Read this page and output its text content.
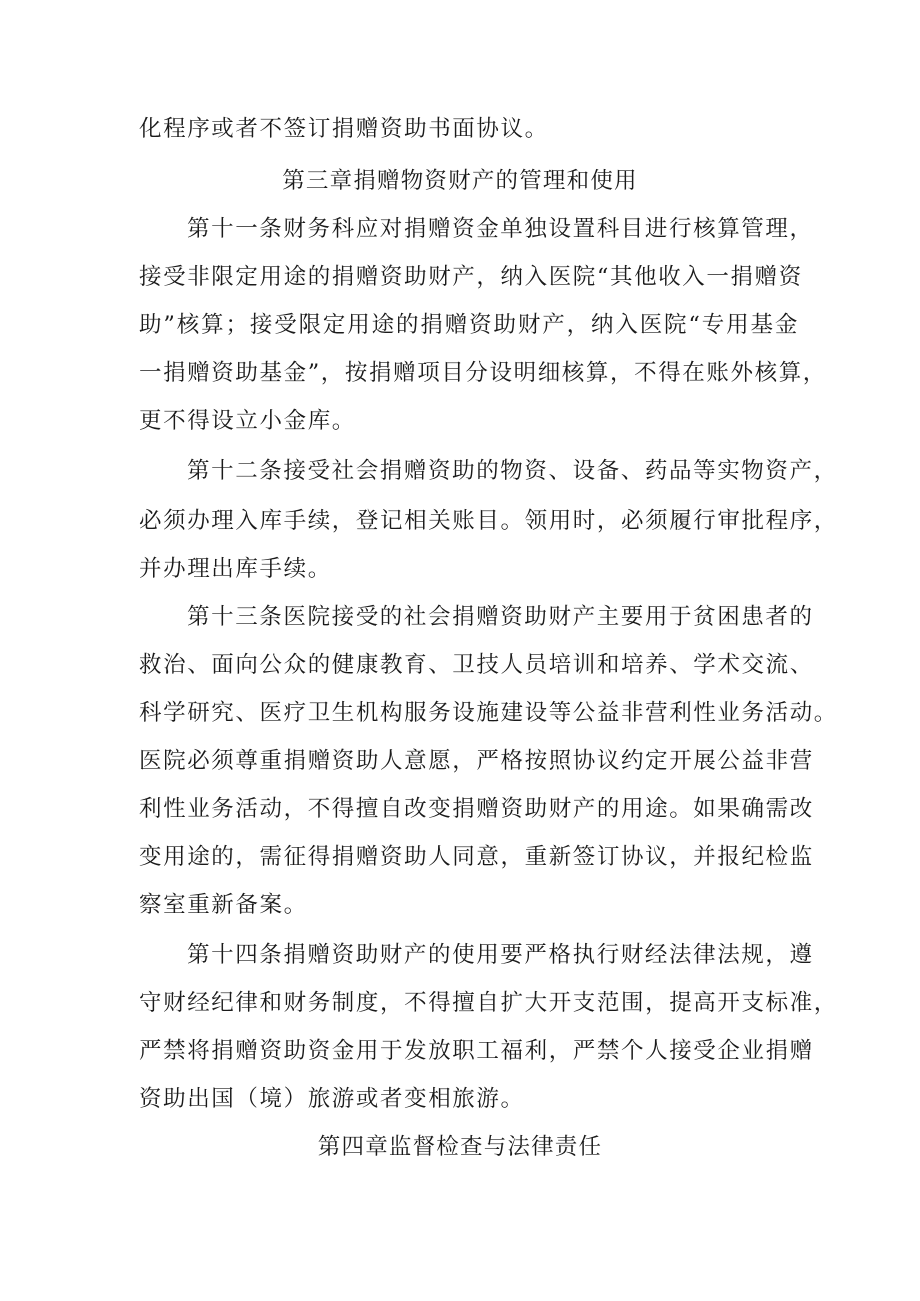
化程序或者不签订捐赠资助书面协议。
第三章捐赠物资财产的管理和使用
第十一条财务科应对捐赠资金单独设置科目进行核算管理，
接受非限定用途的捐赠资助财产，纳入医院“其他收入一捐赠资
助”核算；接受限定用途的捐赠资助财产，纳入医院“专用基金
一捐赠资助基金”，按捐赠项目分设明细核算，不得在账外核算，
更不得设立小金库。
第十二条接受社会捐赠资助的物资、设备、药品等实物资产，
必须办理入库手续，登记相关账目。领用时，必须履行审批程序，
并办理出库手续。
第十三条医院接受的社会捐赠资助财产主要用于贫困患者的
救治、面向公众的健康教育、卫技人员培训和培养、学术交流、
科学研究、医疗卫生机构服务设施建设等公益非营利性业务活动。
医院必须尊重捐赠资助人意愿，严格按照协议约定开展公益非营
利性业务活动，不得擅自改变捐赠资助财产的用途。如果确需改
变用途的，需征得捐赠资助人同意，重新签订协议，并报纪检监
察室重新备案。
第十四条捐赠资助财产的使用要严格执行财经法律法规，遵
守财经纪律和财务制度，不得擅自扩大开支范围，提高开支标准，
严禁将捐赠资助资金用于发放职工福利，严禁个人接受企业捐赠
资助出国（境）旅游或者变相旅游。
第四章监督检查与法律责任
